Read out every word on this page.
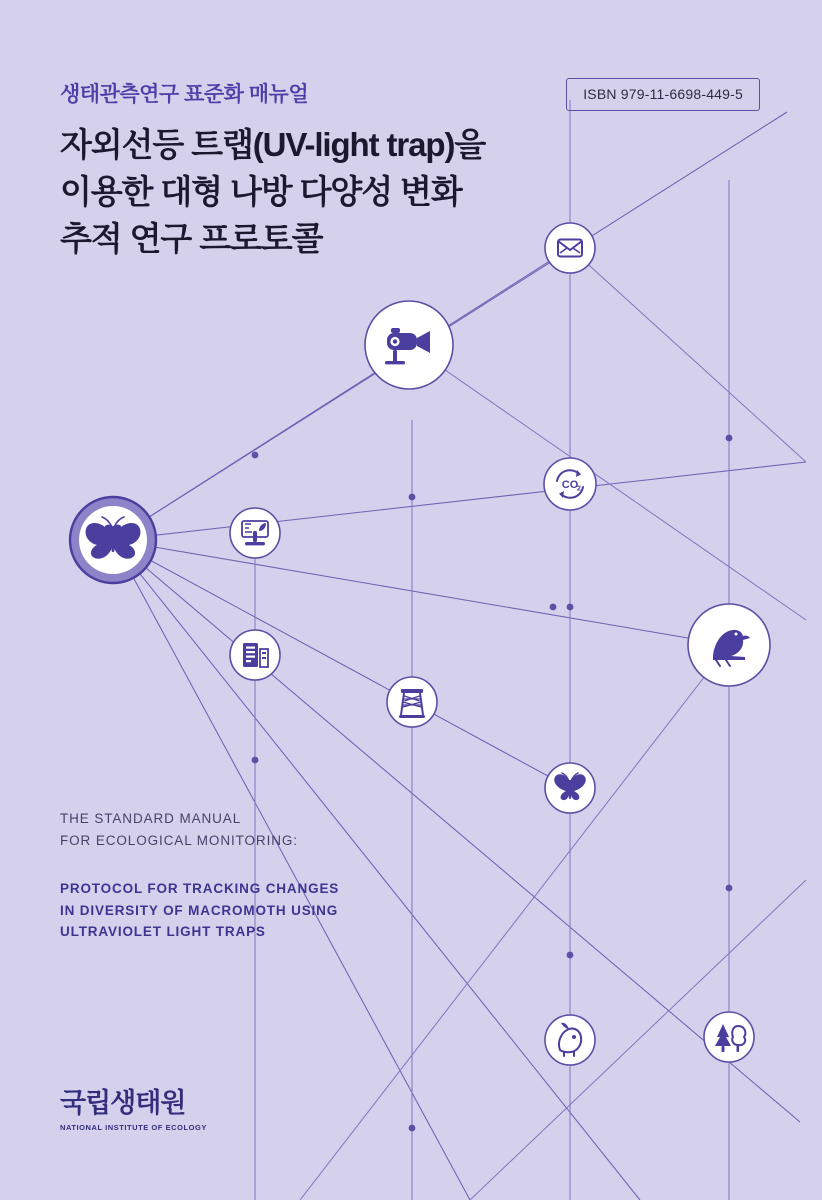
CO
2
생태관측연구 표준화 매뉴얼	ISBN 979-11-6698-449-5
자외선등 트랩(UV-light trap)을
이용한 대형 나방 다양성 변화
추적 연구 프로토콜
THE STANDARD MANUAL
FOR ECOLOGICAL MONITORING:
PROTOCOL FOR TRACKING CHANGES
IN DIVERSITY OF MACROMOTH USING
ULTRAVIOLET LIGHT TRAPS
국립생태원
NATIONAL INSTITUTE OF ECOLOGY
